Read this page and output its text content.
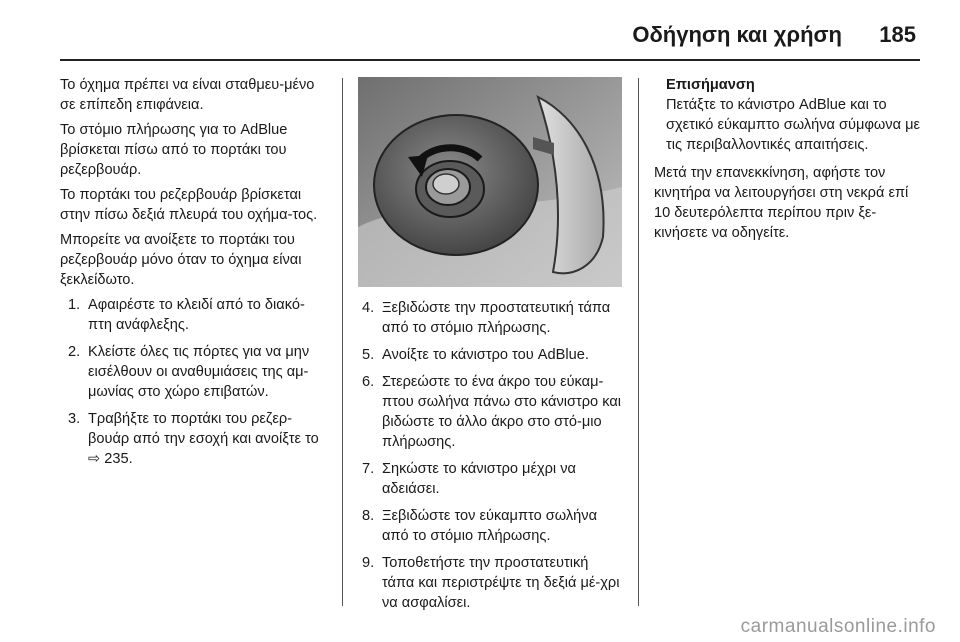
Οδήγηση και χρήση 185

Το όχημα πρέπει να είναι σταθμευ-μένο σε επίπεδη επιφάνεια.

Το στόμιο πλήρωσης για το AdBlue βρίσκεται πίσω από το πορτάκι του ρεζερβουάρ.

Το πορτάκι του ρεζερβουάρ βρίσκεται στην πίσω δεξιά πλευρά του οχήμα-τος.

Μπορείτε να ανοίξετε το πορτάκι του ρεζερβουάρ μόνο όταν το όχημα είναι ξεκλείδωτο.

1. Αφαιρέστε το κλειδί από το διακό-πτη ανάφλεξης.
2. Κλείστε όλες τις πόρτες για να μην εισέλθουν οι αναθυμιάσεις της αμ-μωνίας στο χώρο επιβατών.
3. Τραβήξτε το πορτάκι του ρεζερ-βουάρ από την εσοχή και ανοίξτε το ⇨ 235.
4. Ξεβιδώστε την προστατευτική τάπα από το στόμιο πλήρωσης.
5. Ανοίξτε το κάνιστρο του AdBlue.
6. Στερεώστε το ένα άκρο του εύκαμ-πτου σωλήνα πάνω στο κάνιστρο και βιδώστε το άλλο άκρο στο στό-μιο πλήρωσης.
7. Σηκώστε το κάνιστρο μέχρι να αδειάσει.
8. Ξεβιδώστε τον εύκαμπτο σωλήνα από το στόμιο πλήρωσης.
9. Τοποθετήστε την προστατευτική τάπα και περιστρέψτε τη δεξιά μέ-χρι να ασφαλίσει.
Επισήμανση
Πετάξτε το κάνιστρο AdBlue και το σχετικό εύκαμπτο σωλήνα σύμφωνα με τις περιβαλλοντικές απαιτήσεις.

Μετά την επανεκκίνηση, αφήστε τον κινητήρα να λειτουργήσει στη νεκρά επί 10 δευτερόλεπτα περίπου πριν ξε-κινήσετε να οδηγείτε.

carmanualsonline.info
